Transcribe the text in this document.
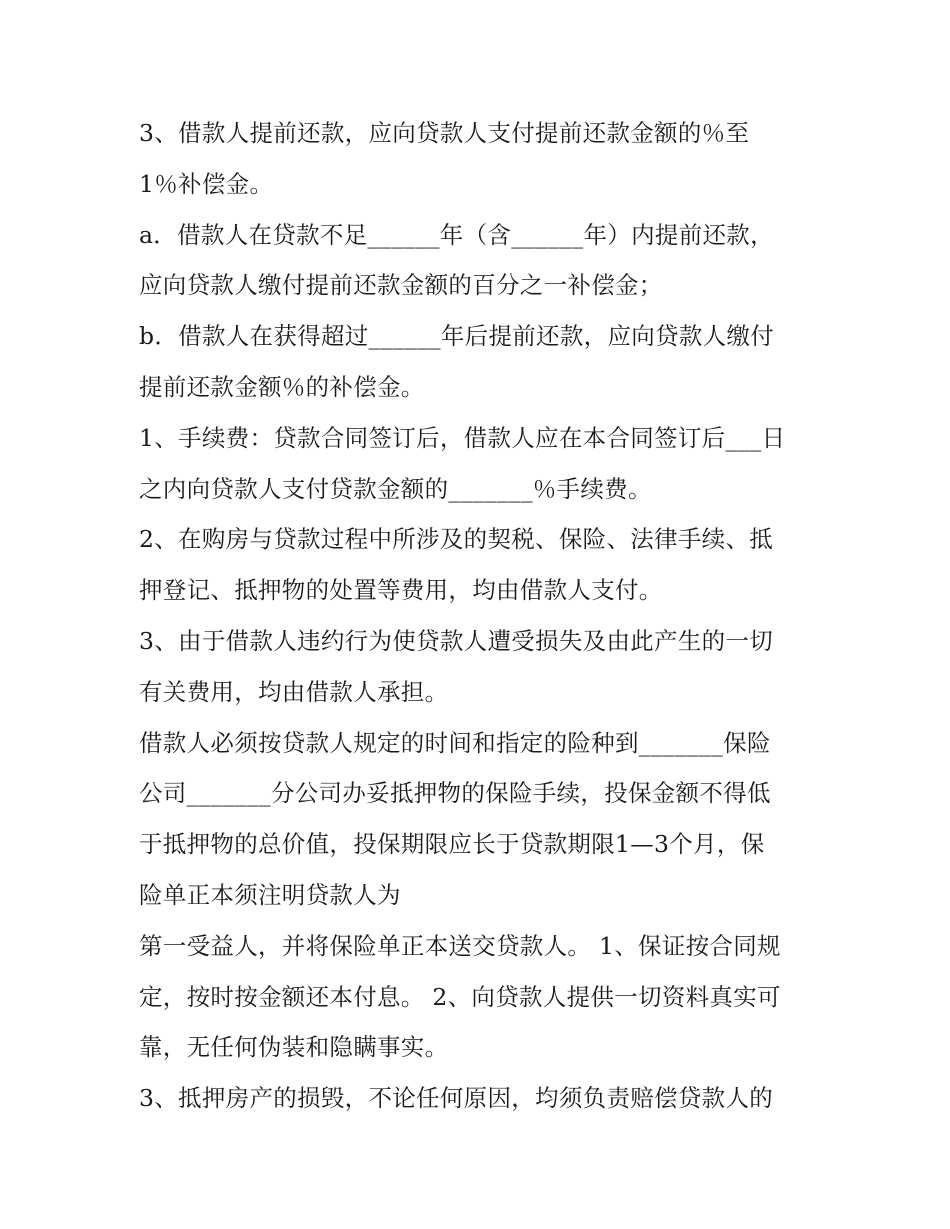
3、借款人提前还款，应向贷款人支付提前还款金额的％至
1％补偿金。
a．借款人在贷款不足______年（含______年）内提前还款，
应向贷款人缴付提前还款金额的百分之一补偿金；
b．借款人在获得超过______年后提前还款，应向贷款人缴付
提前还款金额％的补偿金。
1、手续费：贷款合同签订后，借款人应在本合同签订后___日
之内向贷款人支付贷款金额的_______％手续费。
2、在购房与贷款过程中所涉及的契税、保险、法律手续、抵
押登记、抵押物的处置等费用，均由借款人支付。
3、由于借款人违约行为使贷款人遭受损失及由此产生的一切
有关费用，均由借款人承担。
借款人必须按贷款人规定的时间和指定的险种到_______保险
公司_______分公司办妥抵押物的保险手续，投保金额不得低
于抵押物的总价值，投保期限应长于贷款期限1—3个月，保
险单正本须注明贷款人为
第一受益人，并将保险单正本送交贷款人。 1、保证按合同规
定，按时按金额还本付息。 2、向贷款人提供一切资料真实可
靠，无任何伪装和隐瞒事实。
3、抵押房产的损毁，不论任何原因，均须负责赔偿贷款人的
